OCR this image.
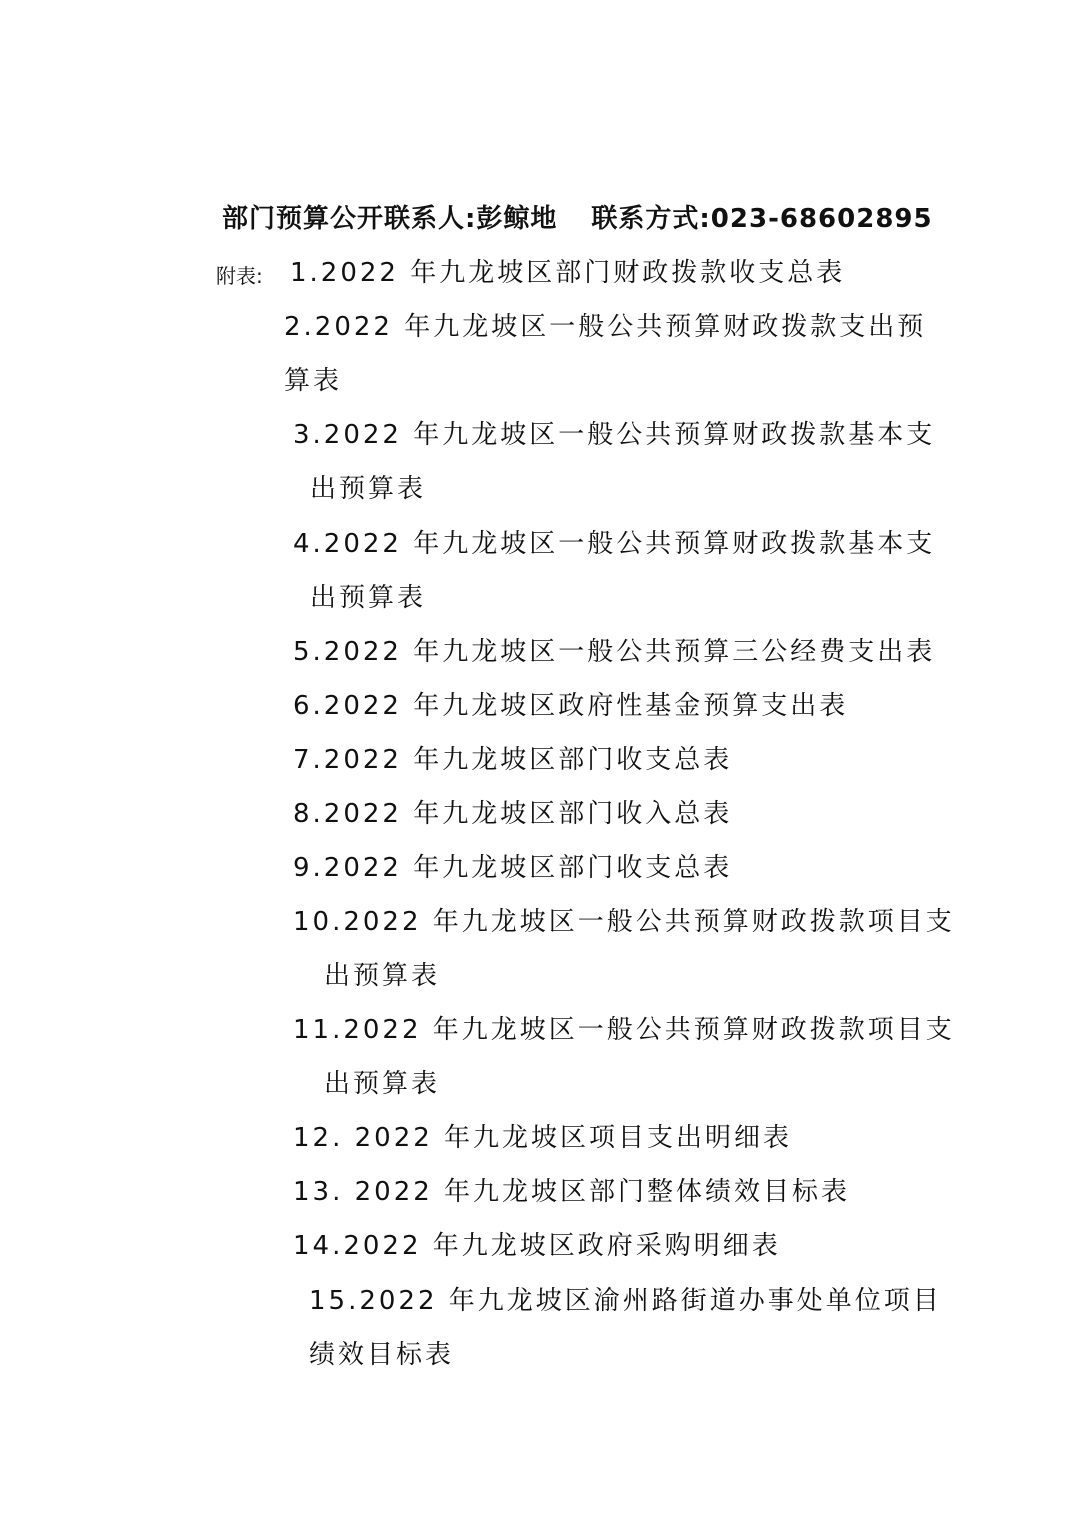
部门预算公开联系人:彭鲸地 联系方式:023-68602895
附表: 1.2022 年九龙坡区部门财政拨款收支总表
2.2022 年九龙坡区一般公共预算财政拨款支出预
算表
3.2022 年九龙坡区一般公共预算财政拨款基本支
出预算表
4.2022 年九龙坡区一般公共预算财政拨款基本支
出预算表
5.2022 年九龙坡区一般公共预算三公经费支出表
6.2022 年九龙坡区政府性基金预算支出表
7.2022 年九龙坡区部门收支总表
8.2022 年九龙坡区部门收入总表
9.2022 年九龙坡区部门收支总表
10.2022 年九龙坡区一般公共预算财政拨款项目支
出预算表
11.2022 年九龙坡区一般公共预算财政拨款项目支
出预算表
12. 2022 年九龙坡区项目支出明细表
13. 2022 年九龙坡区部门整体绩效目标表
14.2022 年九龙坡区政府采购明细表
15.2022 年九龙坡区渝州路街道办事处单位项目
绩效目标表
